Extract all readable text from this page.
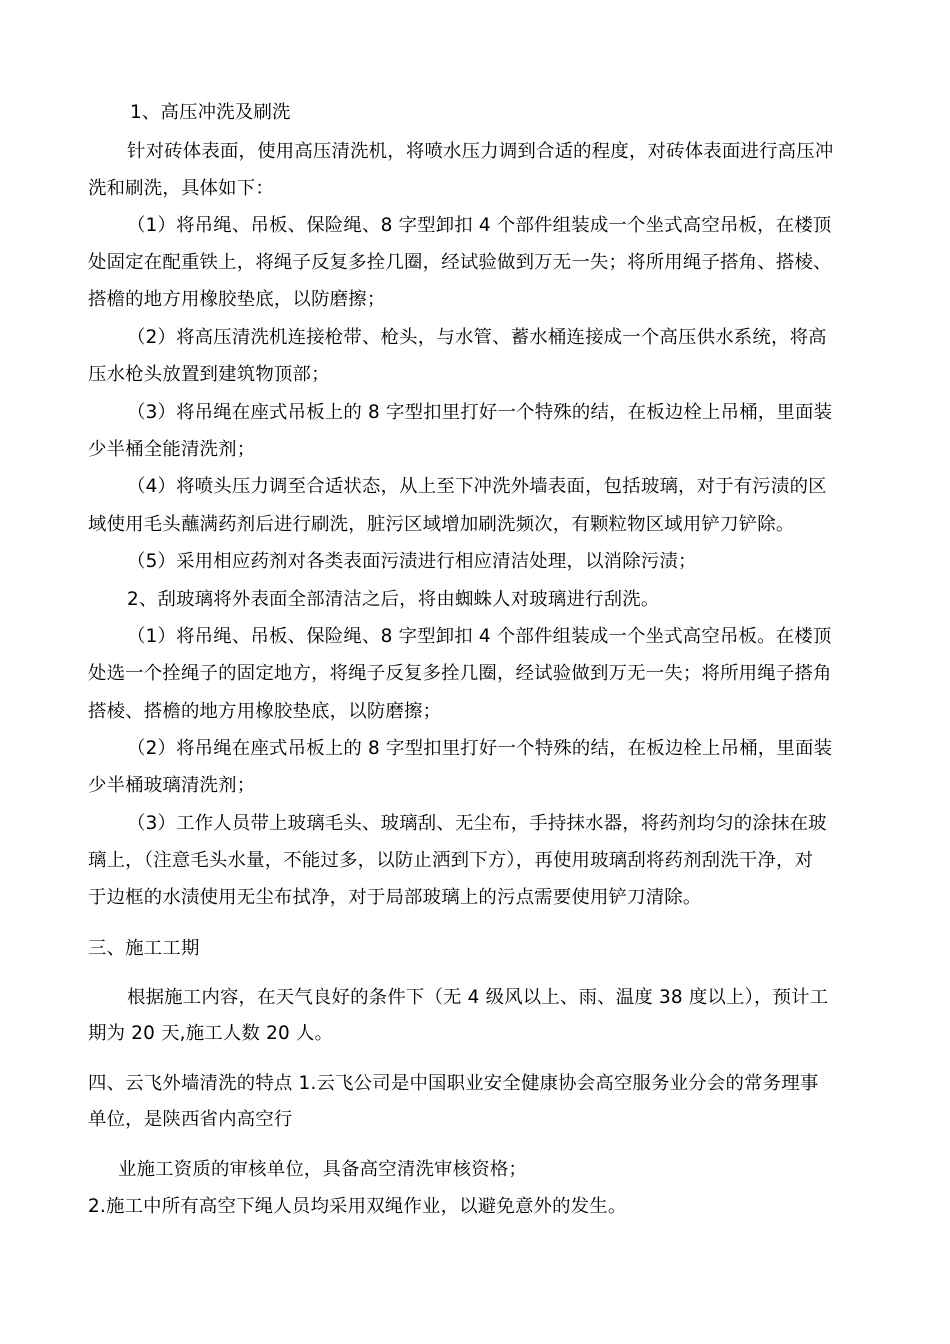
1、高压冲洗及刷洗
针对砖体表面，使用高压清洗机，将喷水压力调到合适的程度，对砖体表面进行高压冲
洗和刷洗，具体如下：
（1）将吊绳、吊板、保险绳、8 字型卸扣 4 个部件组装成一个坐式高空吊板，在楼顶
处固定在配重铁上，将绳子反复多拴几圈，经试验做到万无一失；将所用绳子搭角、搭棱、
搭檐的地方用橡胶垫底，以防磨擦；
（2）将高压清洗机连接枪带、枪头，与水管、蓄水桶连接成一个高压供水系统，将高
压水枪头放置到建筑物顶部；
（3）将吊绳在座式吊板上的 8 字型扣里打好一个特殊的结，在板边栓上吊桶，里面装
少半桶全能清洗剂；
（4）将喷头压力调至合适状态，从上至下冲洗外墙表面，包括玻璃，对于有污渍的区
域使用毛头蘸满药剂后进行刷洗，脏污区域增加刷洗频次，有颗粒物区域用铲刀铲除。
（5）采用相应药剂对各类表面污渍进行相应清洁处理，以消除污渍；
2、刮玻璃将外表面全部清洁之后，将由蜘蛛人对玻璃进行刮洗。
（1）将吊绳、吊板、保险绳、8 字型卸扣 4 个部件组装成一个坐式高空吊板。在楼顶
处选一个拴绳子的固定地方，将绳子反复多拴几圈，经试验做到万无一失；将所用绳子搭角
搭棱、搭檐的地方用橡胶垫底，以防磨擦；
（2）将吊绳在座式吊板上的 8 字型扣里打好一个特殊的结，在板边栓上吊桶，里面装
少半桶玻璃清洗剂；
（3）工作人员带上玻璃毛头、玻璃刮、无尘布，手持抹水器，将药剂均匀的涂抹在玻
璃上，（注意毛头水量，不能过多，以防止洒到下方），再使用玻璃刮将药剂刮洗干净，对
于边框的水渍使用无尘布拭净，对于局部玻璃上的污点需要使用铲刀清除。
三、施工工期
根据施工内容，在天气良好的条件下（无 4 级风以上、雨、温度 38 度以上），预计工
期为 20 天,施工人数 20 人。
四、云飞外墙清洗的特点 1.云飞公司是中国职业安全健康协会高空服务业分会的常务理事
单位，是陕西省内高空行
业施工资质的审核单位，具备高空清洗审核资格；
2.施工中所有高空下绳人员均采用双绳作业，以避免意外的发生。
